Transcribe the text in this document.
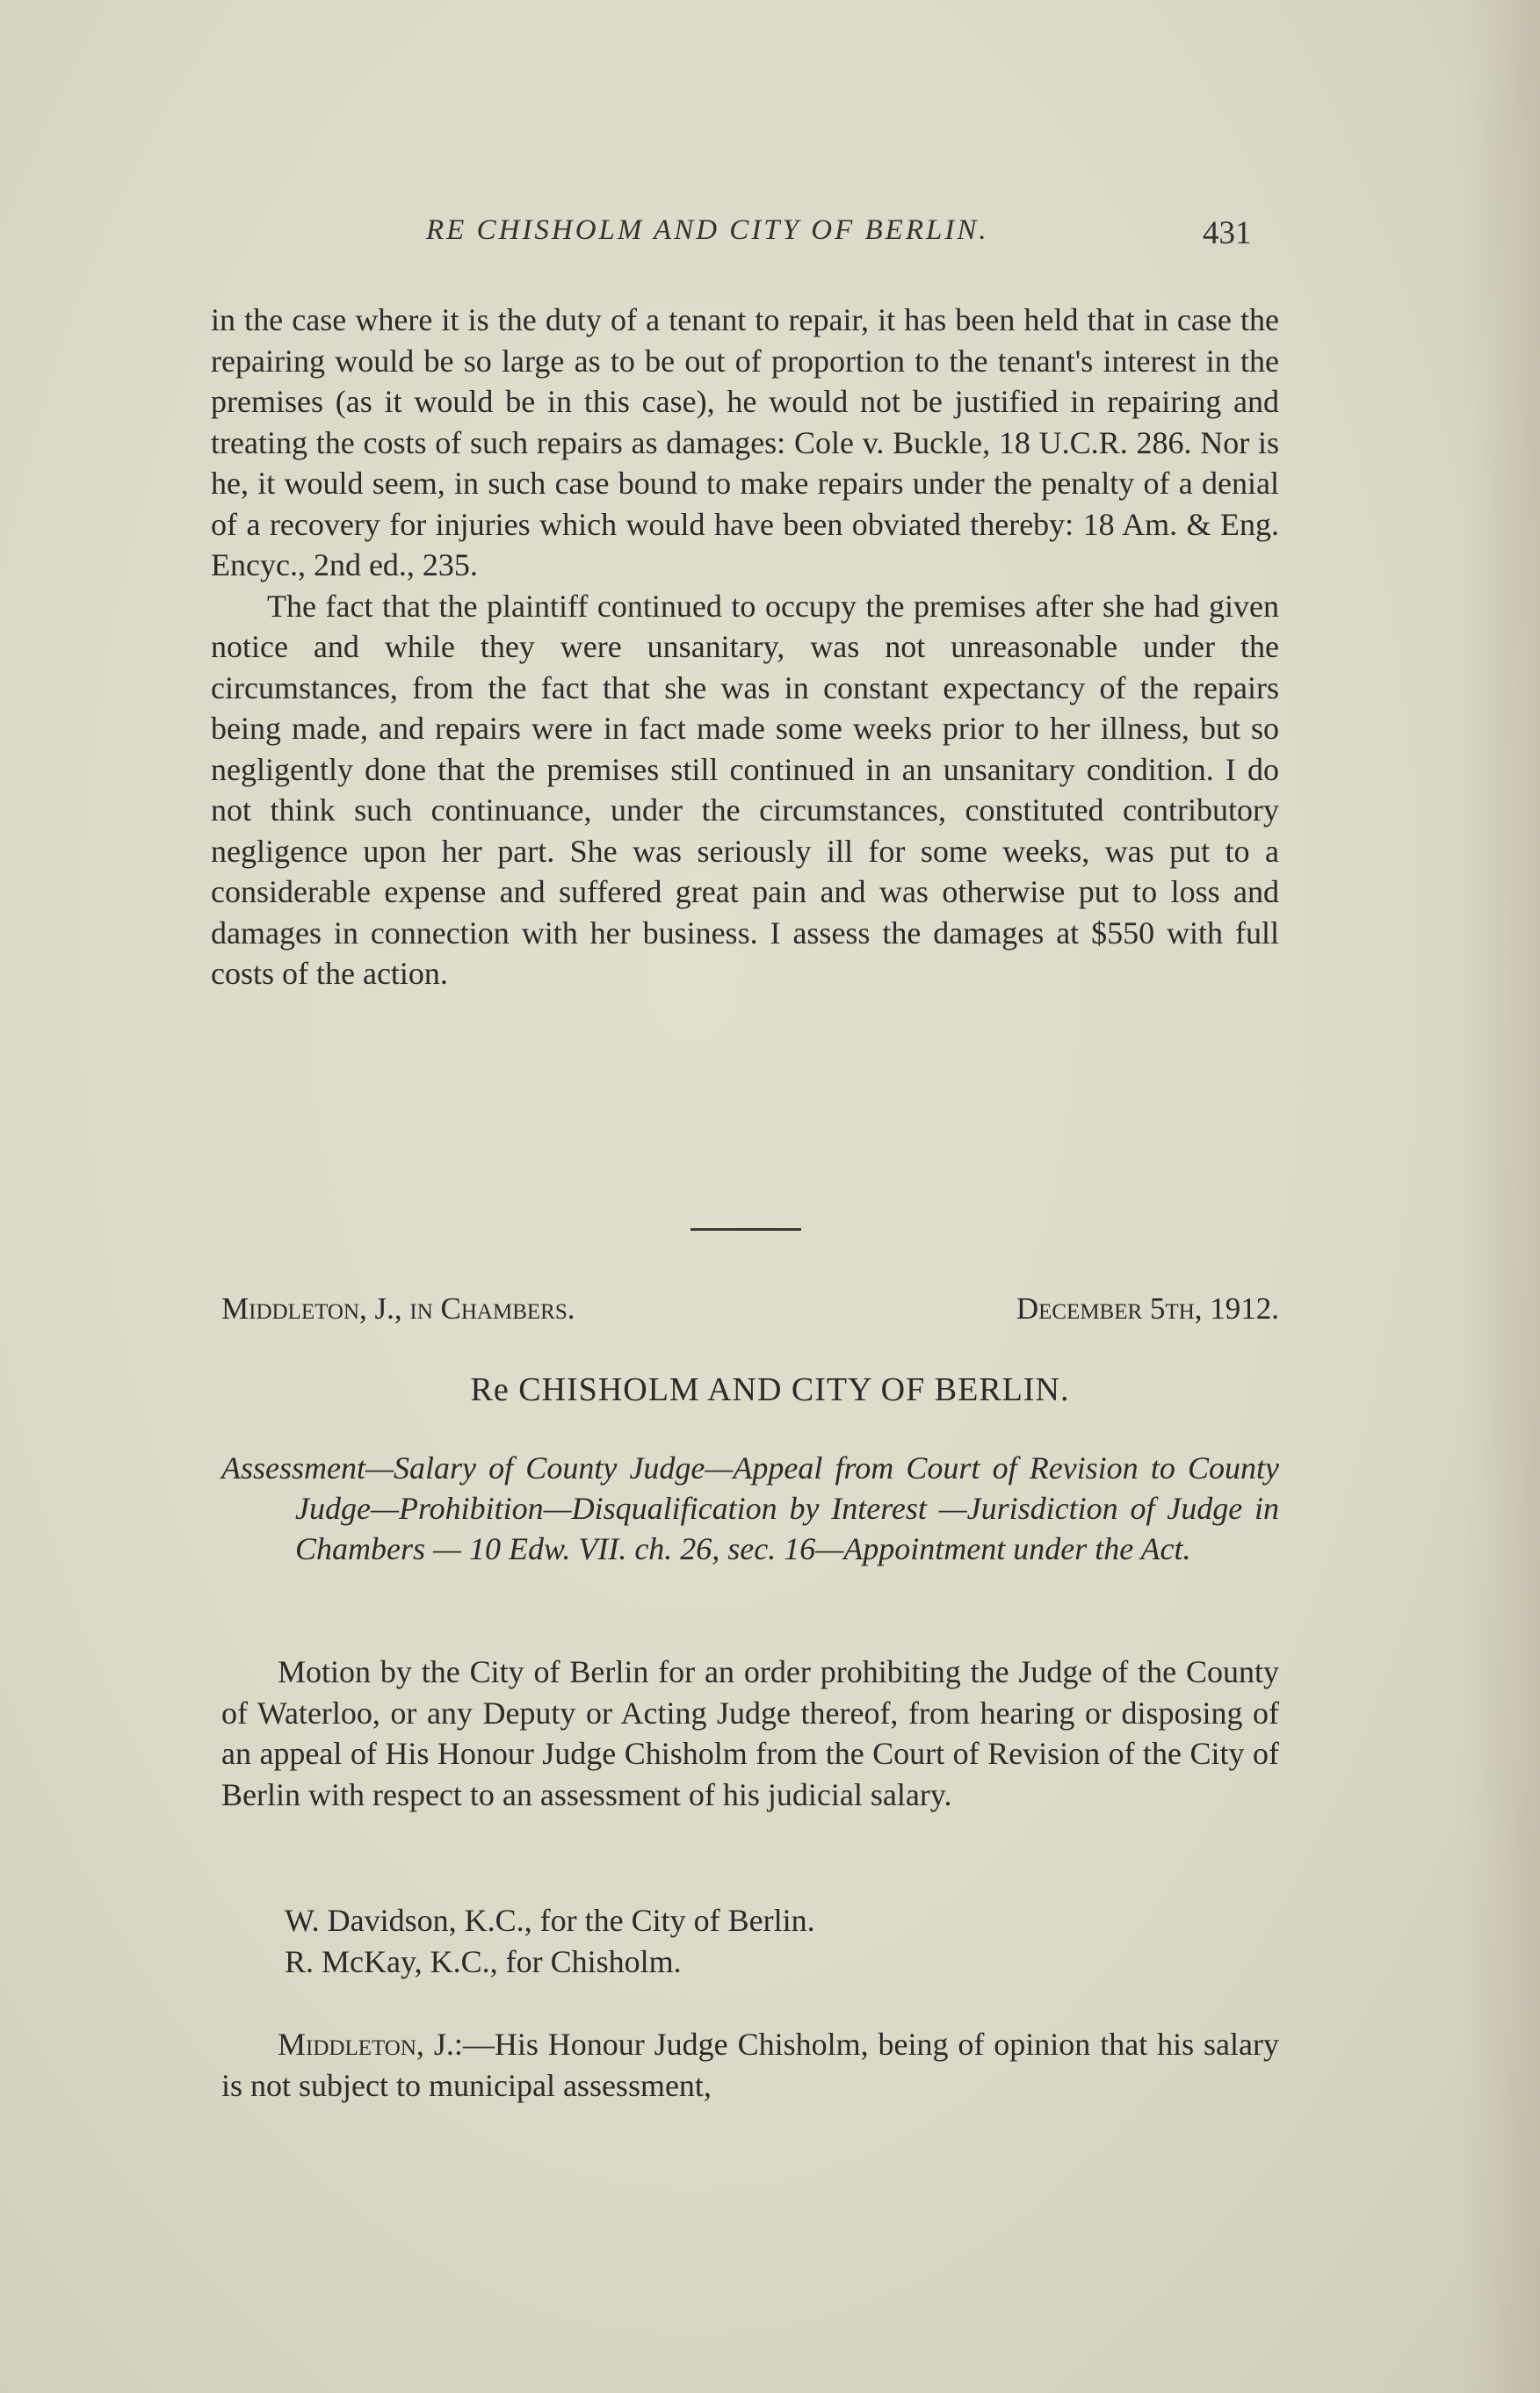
RE CHISHOLM AND CITY OF BERLIN.	431

in the case where it is the duty of a tenant to repair, it has been held that in case the repairing would be so large as to be out of proportion to the tenant's interest in the premises (as it would be in this case), he would not be justified in repairing and treating the costs of such repairs as damages: Cole v. Buckle, 18 U.C.R. 286. Nor is he, it would seem, in such case bound to make repairs under the penalty of a denial of a recovery for injuries which would have been obviated thereby: 18 Am. & Eng. Encyc., 2nd ed., 235.

The fact that the plaintiff continued to occupy the premises after she had given notice and while they were unsanitary, was not unreasonable under the circumstances, from the fact that she was in constant expectancy of the repairs being made, and repairs were in fact made some weeks prior to her illness, but so negligently done that the premises still continued in an unsanitary condition. I do not think such continuance, under the circumstances, constituted contributory negligence upon her part. She was seriously ill for some weeks, was put to a considerable expense and suffered great pain and was otherwise put to loss and damages in connection with her business. I assess the damages at $550 with full costs of the action.

Middleton, J., in Chambers.	December 5th, 1912.
Re CHISHOLM AND CITY OF BERLIN.
Assessment—Salary of County Judge—Appeal from Court of Revision to County Judge—Prohibition—Disqualification by Interest —Jurisdiction of Judge in Chambers — 10 Edw. VII. ch. 26, sec. 16—Appointment under the Act.
Motion by the City of Berlin for an order prohibiting the Judge of the County of Waterloo, or any Deputy or Acting Judge thereof, from hearing or disposing of an appeal of His Honour Judge Chisholm from the Court of Revision of the City of Berlin with respect to an assessment of his judicial salary.
W. Davidson, K.C., for the City of Berlin.
R. McKay, K.C., for Chisholm.
Middleton, J.:—His Honour Judge Chisholm, being of opinion that his salary is not subject to municipal assessment,
